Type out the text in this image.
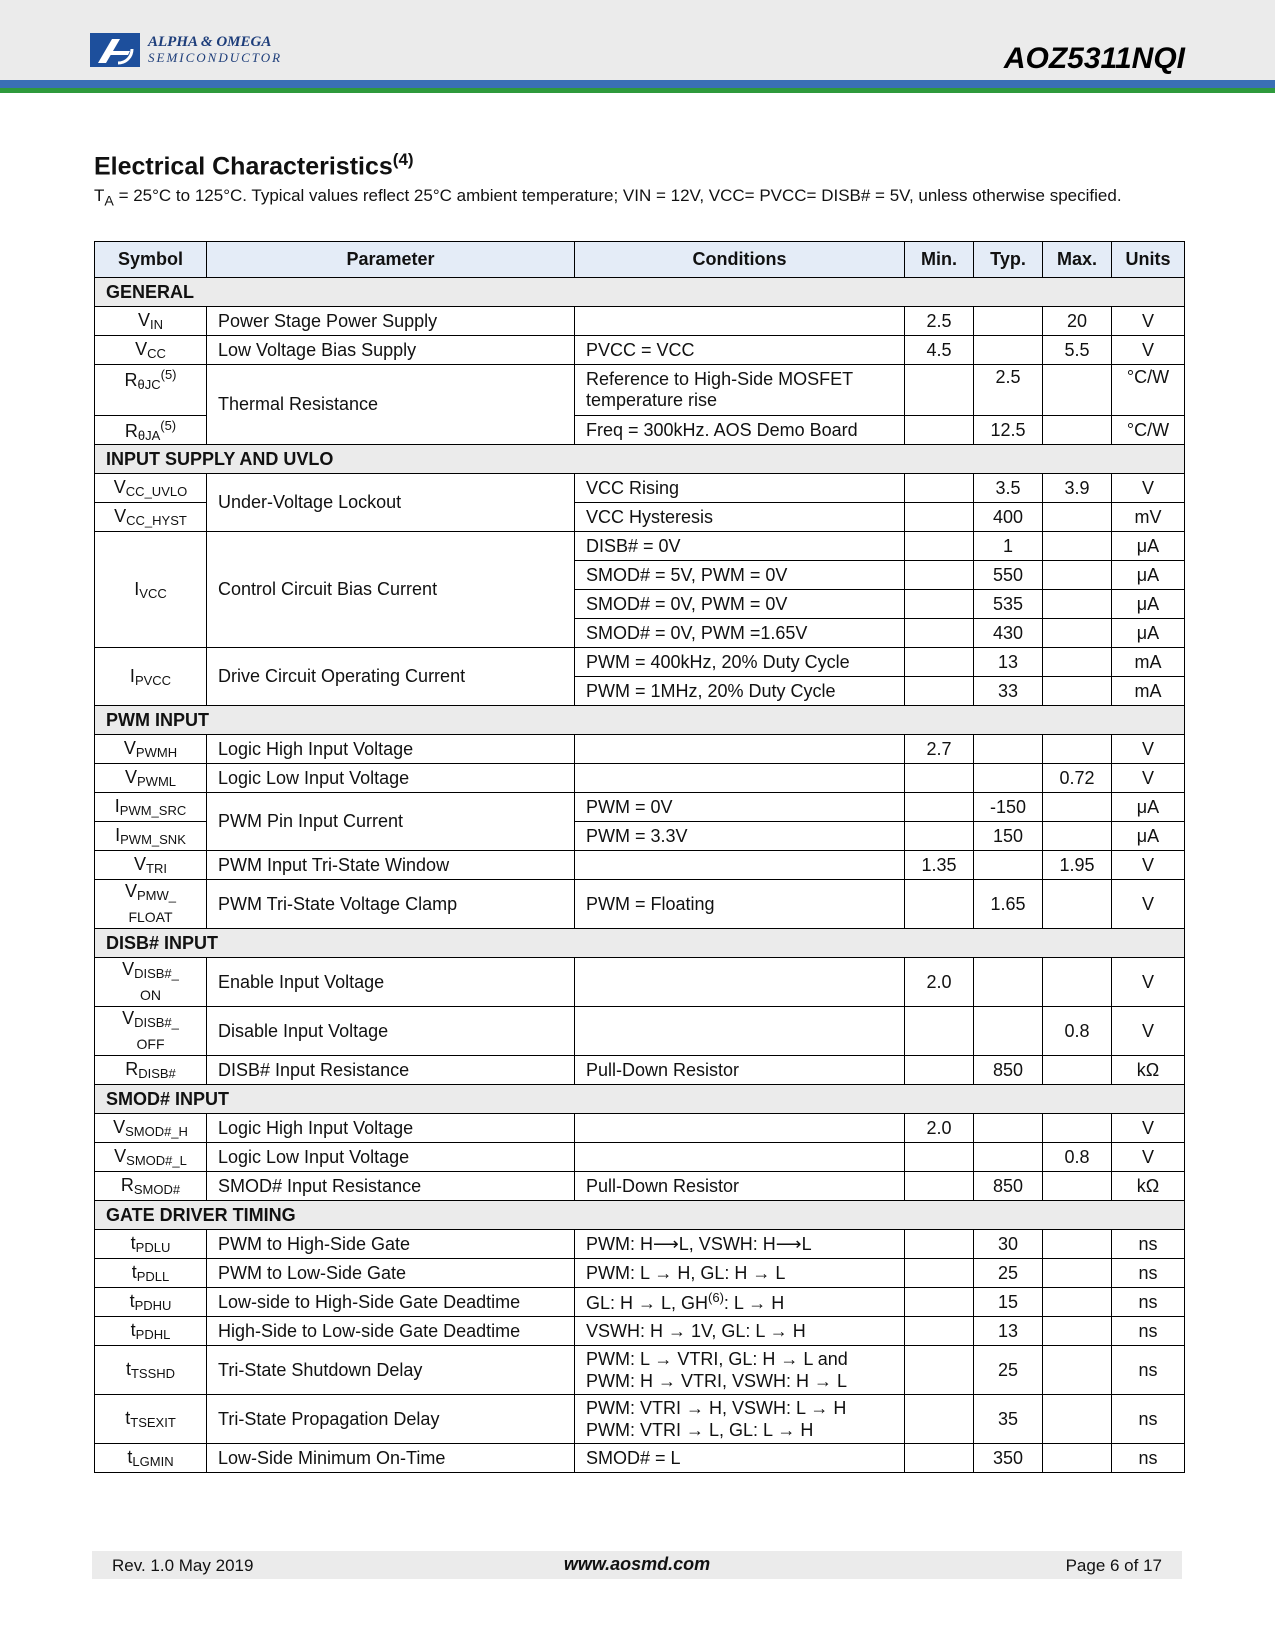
ALPHA & OMEGA
SEMICONDUCTOR	AOZ5311NQI
Electrical Characteristics$^{(4)}$
$T_A = 25^\circ C$ to 125°C. Typical values reflect 25°C ambient temperature; VIN = 12V, VCC= PVCC= DISB# = 5V, unless otherwise specified.
Symbol	Parameter	Conditions	Min.	Typ.	Max.	Units
GENERAL						
$V_{IN}$	Power Stage Power Supply		2.5		20	V
$V_{CC}$	Low Voltage Bias Supply	PVCC = VCC	4.5		5.5	V
$R_{\theta JC}^{(5)}$	Thermal Resistance	Reference to High-Side MOSFET temperature rise		2.5		°C/W
$R_{\theta JA}^{(5)}$		Freq = 300kHz. AOS Demo Board		12.5		°C/W
INPUT SUPPLY AND UVLO						
$V_{CC\_UVLO}$	Under-Voltage Lockout	VCC Rising		3.5	3.9	V
$V_{CC\_HYST}$		VCC Hysteresis		400		mV
$I_{VCC}$	Control Circuit Bias Current	DISB# = 0V		1		μA
		SMOD# = 5V, PWM = 0V		550		μA
		SMOD# = 0V, PWM = 0V		535		μA
		SMOD# = 0V, PWM =1.65V		430		μA
$I_{PVCC}$	Drive Circuit Operating Current	PWM = 400kHz, 20% Duty Cycle		13		mA
		PWM = 1MHz, 20% Duty Cycle		33		mA
PWM INPUT						
$V_{PWMH}$	Logic High Input Voltage		2.7			V
$V_{PWML}$	Logic Low Input Voltage				0.72	V
$I_{PWM\_SRC}$	PWM Pin Input Current	PWM = 0V		-150		μA
$I_{PWM\_SNK}$		PWM = 3.3V		150		μA
$V_{TRI}$	PWM Input Tri-State Window		1.35		1.95	V
$V_{PMW\_}$
FLOAT	PWM Tri-State Voltage Clamp	PWM = Floating		1.65		V
DISB# INPUT						
$V_{DISB\#\_}$
ON	Enable Input Voltage		2.0			V
$V_{DISB\#\_}$
OFF	Disable Input Voltage				0.8	V
$R_{DISB\#}$	DISB# Input Resistance	Pull-Down Resistor		850		kΩ
SMOD# INPUT						
$V_{SMOD\#\_H}$	Logic High Input Voltage		2.0			V
$V_{SMOD\#\_L}$	Logic Low Input Voltage				0.8	V
$R_{SMOD\#}$	SMOD# Input Resistance	Pull-Down Resistor		850		kΩ
GATE DRIVER TIMING						
$t_{PDLU}$	PWM to High-Side Gate	PWM: H⟶L, VSWH: H⟶L		30		ns
$t_{PDLL}$	PWM to Low-Side Gate	PWM: L → H, GL: H → L		25		ns
$t_{PDHU}$	Low-side to High-Side Gate Deadtime	GL: H → L, GH$^{(6)}$: L → H		15		ns
$t_{PDHL}$	High-Side to Low-side Gate Deadtime	VSWH: H → 1V, GL: L → H		13		ns
$t_{TSSHD}$	Tri-State Shutdown Delay	PWM: L → VTRI, GL: H → L and
PWM: H → VTRI, VSWH: H → L		25		ns
$t_{TSEXIT}$	Tri-State Propagation Delay	PWM: VTRI → H, VSWH: L → H
PWM: VTRI → L, GL: L → H		35		ns
$t_{LGMIN}$	Low-Side Minimum On-Time	SMOD# = L		350		ns
Rev. 1.0 May 2019	www.aosmd.com	Page 6 of 17
